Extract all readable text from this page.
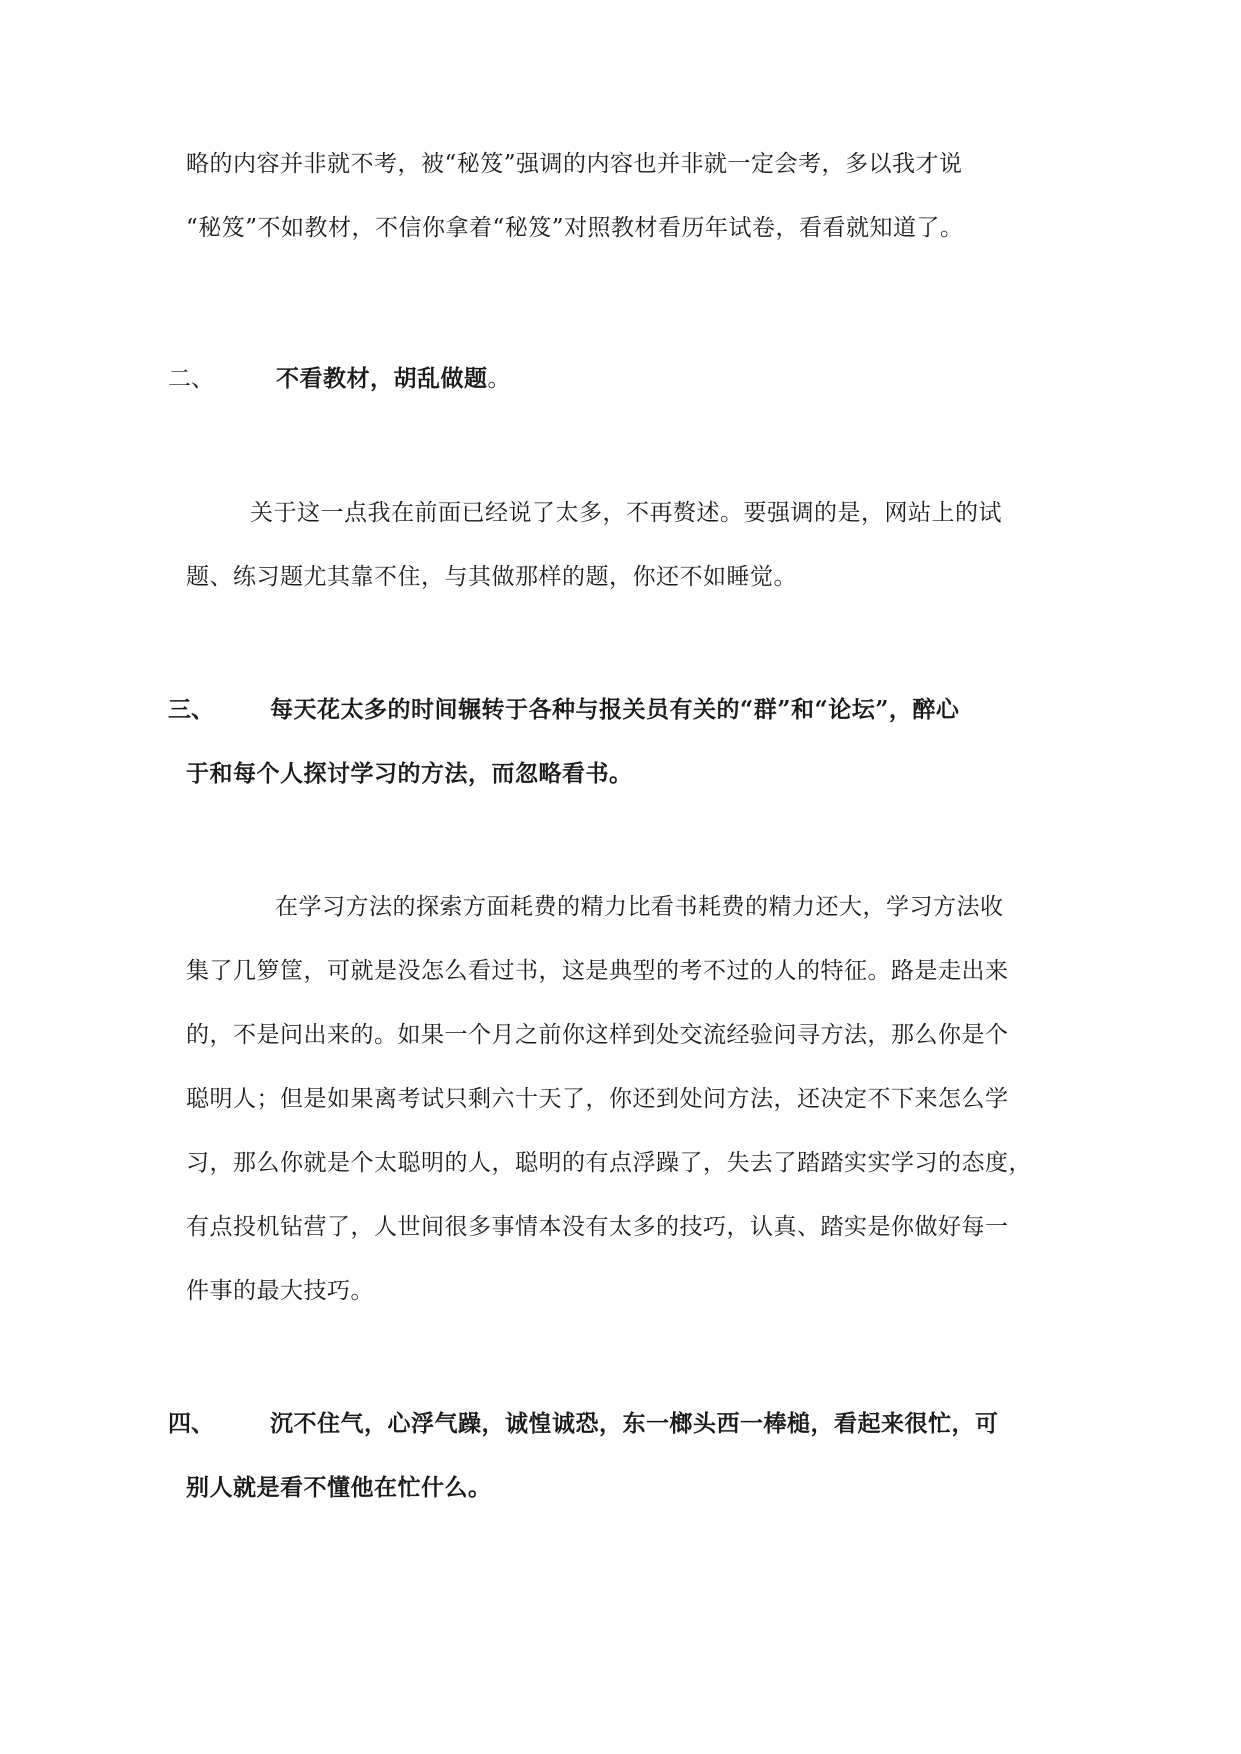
略的内容并非就不考，被“秘笈”强调的内容也并非就一定会考，多以我才说
“秘笈”不如教材，不信你拿着“秘笈”对照教材看历年试卷，看看就知道了。
二、	不看教材，胡乱做题。
关于这一点我在前面已经说了太多，不再赘述。要强调的是，网站上的试
题、练习题尤其靠不住，与其做那样的题，你还不如睡觉。
三、 每天花太多的时间辗转于各种与报关员有关的“群”和“论坛”，醉心
于和每个人探讨学习的方法，而忽略看书。
在学习方法的探索方面耗费的精力比看书耗费的精力还大，学习方法收
集了几箩筐，可就是没怎么看过书，这是典型的考不过的人的特征。路是走出来
的，不是问出来的。如果一个月之前你这样到处交流经验问寻方法，那么你是个
聪明人；但是如果离考试只剩六十天了，你还到处问方法，还决定不下来怎么学
习，那么你就是个太聪明的人，聪明的有点浮躁了，失去了踏踏实实学习的态度，
有点投机钻营了，人世间很多事情本没有太多的技巧，认真、踏实是你做好每一
件事的最大技巧。
四、 沉不住气，心浮气躁，诚惶诚恐，东一榔头西一棒槌，看起来很忙，可
别人就是看不懂他在忙什么。
